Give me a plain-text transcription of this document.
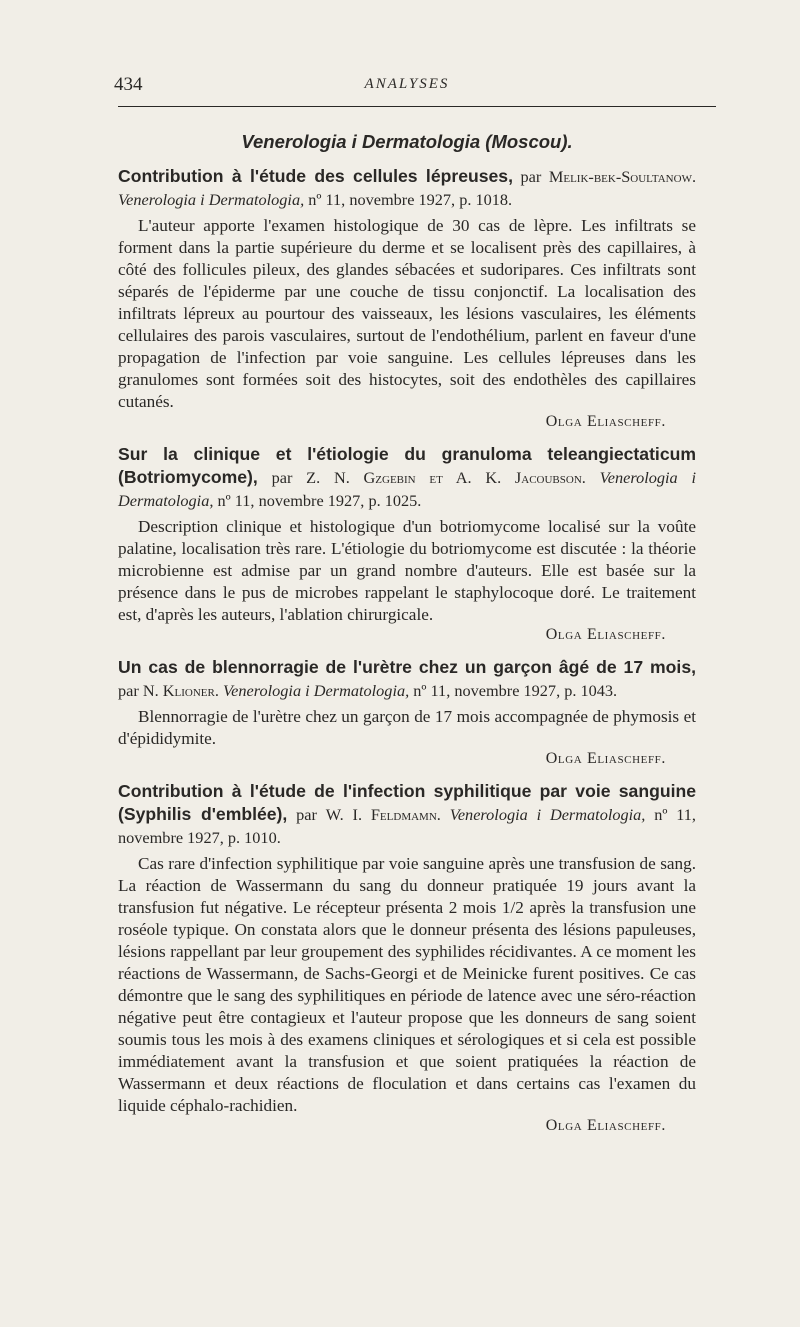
434	ANALYSES
Venerologia i Dermatologia (Moscou).
Contribution à l'étude des cellules lépreuses, par Melik-bek-Soultanow. Venerologia i Dermatologia, nº 11, novembre 1927, p. 1018.
L'auteur apporte l'examen histologique de 30 cas de lèpre. Les infiltrats se forment dans la partie supérieure du derme et se localisent près des capillaires, à côté des follicules pileux, des glandes sébacées et sudoripares. Ces infiltrats sont séparés de l'épiderme par une couche de tissu conjonctif. La localisation des infiltrats lépreux au pourtour des vaisseaux, les lésions vasculaires, les éléments cellulaires des parois vasculaires, surtout de l'endothélium, parlent en faveur d'une propagation de l'infection par voie sanguine. Les cellules lépreuses dans les granulomes sont formées soit des histocytes, soit des endothèles des capillaires cutanés.
Olga Eliascheff.
Sur la clinique et l'étiologie du granuloma teleangiectaticum (Botriomycome), par Z. N. Gzgebin et A. K. Jacoubson. Venerologia i Dermatologia, nº 11, novembre 1927, p. 1025.
Description clinique et histologique d'un botriomycome localisé sur la voûte palatine, localisation très rare. L'étiologie du botriomycome est discutée : la théorie microbienne est admise par un grand nombre d'auteurs. Elle est basée sur la présence dans le pus de microbes rappelant le staphylocoque doré. Le traitement est, d'après les auteurs, l'ablation chirurgicale.
Olga Eliascheff.
Un cas de blennorragie de l'urètre chez un garçon âgé de 17 mois, par N. Klioner. Venerologia i Dermatologia, nº 11, novembre 1927, p. 1043.
Blennorragie de l'urètre chez un garçon de 17 mois accompagnée de phymosis et d'épididymite.
Olga Eliascheff.
Contribution à l'étude de l'infection syphilitique par voie sanguine (Syphilis d'emblée), par W. I. Feldmamn. Venerologia i Dermatologia, nº 11, novembre 1927, p. 1010.
Cas rare d'infection syphilitique par voie sanguine après une transfusion de sang. La réaction de Wassermann du sang du donneur pratiquée 19 jours avant la transfusion fut négative. Le récepteur présenta 2 mois 1/2 après la transfusion une roséole typique. On constata alors que le donneur présenta des lésions papuleuses, lésions rappellant par leur groupement des syphilides récidivantes. A ce moment les réactions de Wassermann, de Sachs-Georgi et de Meinicke furent positives. Ce cas démontre que le sang des syphilitiques en période de latence avec une séro-réaction négative peut être contagieux et l'auteur propose que les donneurs de sang soient soumis tous les mois à des examens cliniques et sérologiques et si cela est possible immédiatement avant la transfusion et que soient pratiquées la réaction de Wassermann et deux réactions de floculation et dans certains cas l'examen du liquide céphalo-rachidien.
Olga Eliascheff.
